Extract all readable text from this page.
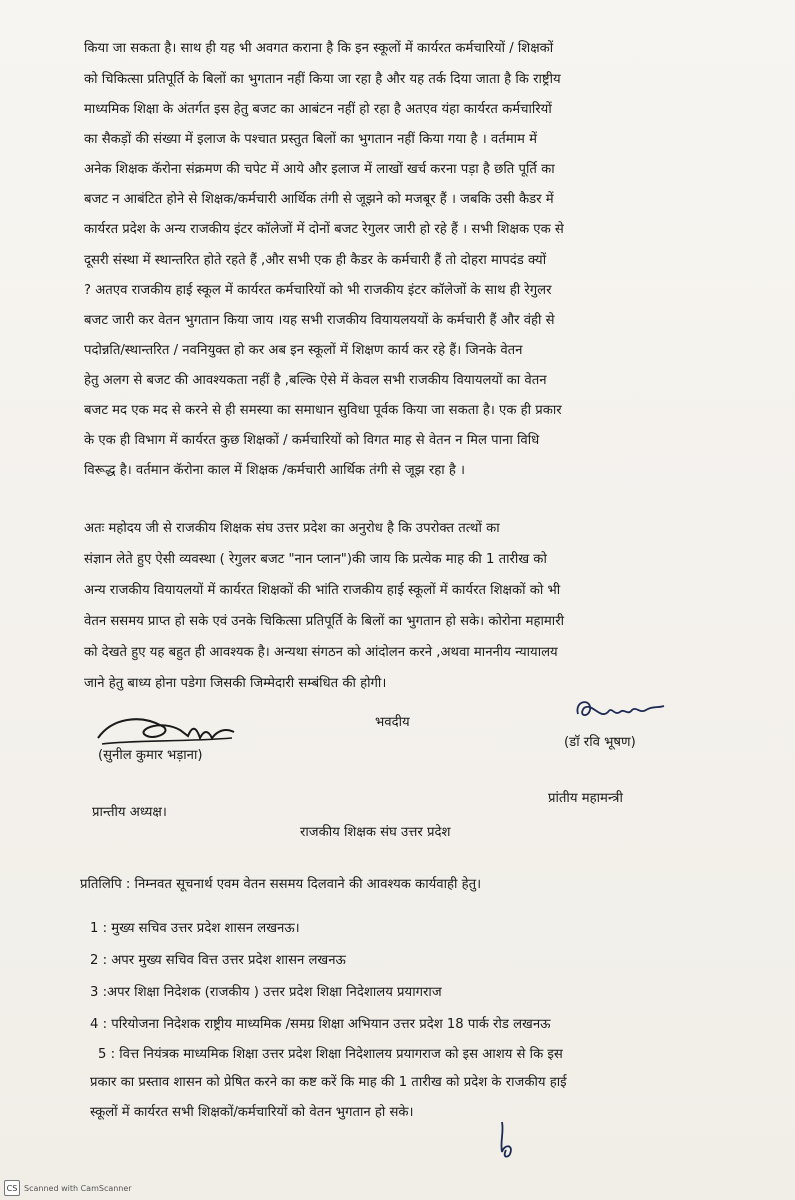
किया जा सकता है। साथ ही यह भी अवगत कराना है कि इन स्कूलों में कार्यरत कर्मचारियों / शिक्षकों
को चिकित्सा प्रतिपूर्ति के बिलों का भुगतान नहीं किया जा रहा है और यह तर्क दिया जाता है कि राष्ट्रीय
माध्यमिक शिक्षा के अंतर्गत इस हेतु बजट का आबंटन नहीं हो रहा है अतएव यंहा कार्यरत कर्मचारियों
का सैकड़ों की संख्या में इलाज के पश्चात प्रस्तुत बिलों का भुगतान नहीं किया गया है । वर्तमाम में
अनेक शिक्षक कॅरोना संक्रमण की चपेट में आये और इलाज में लाखों खर्च करना पड़ा है छति पूर्ति का
बजट न आबंटित होने से शिक्षक/कर्मचारी आर्थिक तंगी से जूझने को मजबूर हैं । जबकि उसी कैडर में
कार्यरत प्रदेश के अन्य राजकीय इंटर कॉलेजों में दोनों बजट रेगुलर जारी हो रहे हैं । सभी शिक्षक एक से
दूसरी संस्था में स्थान्तरित होते रहते हैं ,और सभी एक ही कैडर के कर्मचारी हैं तो दोहरा मापदंड क्यों
? अतएव राजकीय हाई स्कूल में कार्यरत कर्मचारियों को भी राजकीय इंटर कॉलेजों के साथ ही रेगुलर
बजट जारी कर वेतन भुगतान किया जाय ।यह सभी राजकीय वियायलययों के कर्मचारी हैं और वंही से
पदोन्नति/स्थान्तरित / नवनियुक्त हो कर अब इन स्कूलों में शिक्षण कार्य कर रहे हैं। जिनके वेतन
हेतु अलग से बजट की आवश्यकता नहीं है ,बल्कि ऐसे में केवल सभी राजकीय वियायलयों का वेतन
बजट मद एक मद से करने से ही समस्या का समाधान सुविधा पूर्वक किया जा सकता है। एक ही प्रकार
के एक ही विभाग में कार्यरत कुछ शिक्षकों / कर्मचारियों को विगत माह से वेतन न मिल पाना विधि
विरूद्ध है। वर्तमान कॅरोना काल में शिक्षक /कर्मचारी आर्थिक तंगी से जूझ रहा है ।
अतः महोदय जी से राजकीय शिक्षक संघ उत्तर प्रदेश का अनुरोध है कि उपरोक्त तत्थों का
संज्ञान लेते हुए ऐसी व्यवस्था ( रेगुलर बजट "नान प्लान")की जाय कि प्रत्येक माह की 1 तारीख को
अन्य राजकीय वियायलयों में कार्यरत शिक्षकों की भांति राजकीय हाई स्कूलों में कार्यरत शिक्षकों को भी
वेतन ससमय प्राप्त हो सके एवं उनके चिकित्सा प्रतिपूर्ति के बिलों का भुगतान हो सके। कोरोना महामारी
को देखते हुए यह बहुत ही आवश्यक है। अन्यथा संगठन को आंदोलन करने ,अथवा माननीय न्यायालय
जाने हेतु बाध्य होना पडेगा जिसकी जिम्मेदारी सम्बंधित की होगी।
भवदीय
(सुनील कुमार भड़ाना)
(डॉ रवि भूषण)
प्रांतीय महामन्त्री
प्रान्तीय अध्यक्ष।
राजकीय शिक्षक संघ उत्तर प्रदेश
प्रतिलिपि : निम्नवत सूचनार्थ एवम वेतन ससमय दिलवाने की आवश्यक कार्यवाही हेतु।
1 : मुख्य सचिव उत्तर प्रदेश शासन लखनऊ।
2 : अपर मुख्य सचिव वित्त उत्तर प्रदेश शासन लखनऊ
3 :अपर शिक्षा निदेशक (राजकीय ) उत्तर प्रदेश शिक्षा निदेशालय प्रयागराज
4 : परियोजना निदेशक राष्ट्रीय माध्यमिक /समग्र शिक्षा अभियान उत्तर प्रदेश 18 पार्क रोड लखनऊ
5 : वित्त नियंत्रक माध्यमिक शिक्षा उत्तर प्रदेश शिक्षा निदेशालय प्रयागराज को इस आशय से कि इस
प्रकार का प्रस्ताव शासन को प्रेषित करने का कष्ट करें कि माह की 1 तारीख को प्रदेश के राजकीय हाई
स्कूलों में कार्यरत सभी शिक्षकों/कर्मचारियों को वेतन भुगतान हो सके।
CS Scanned with CamScanner
